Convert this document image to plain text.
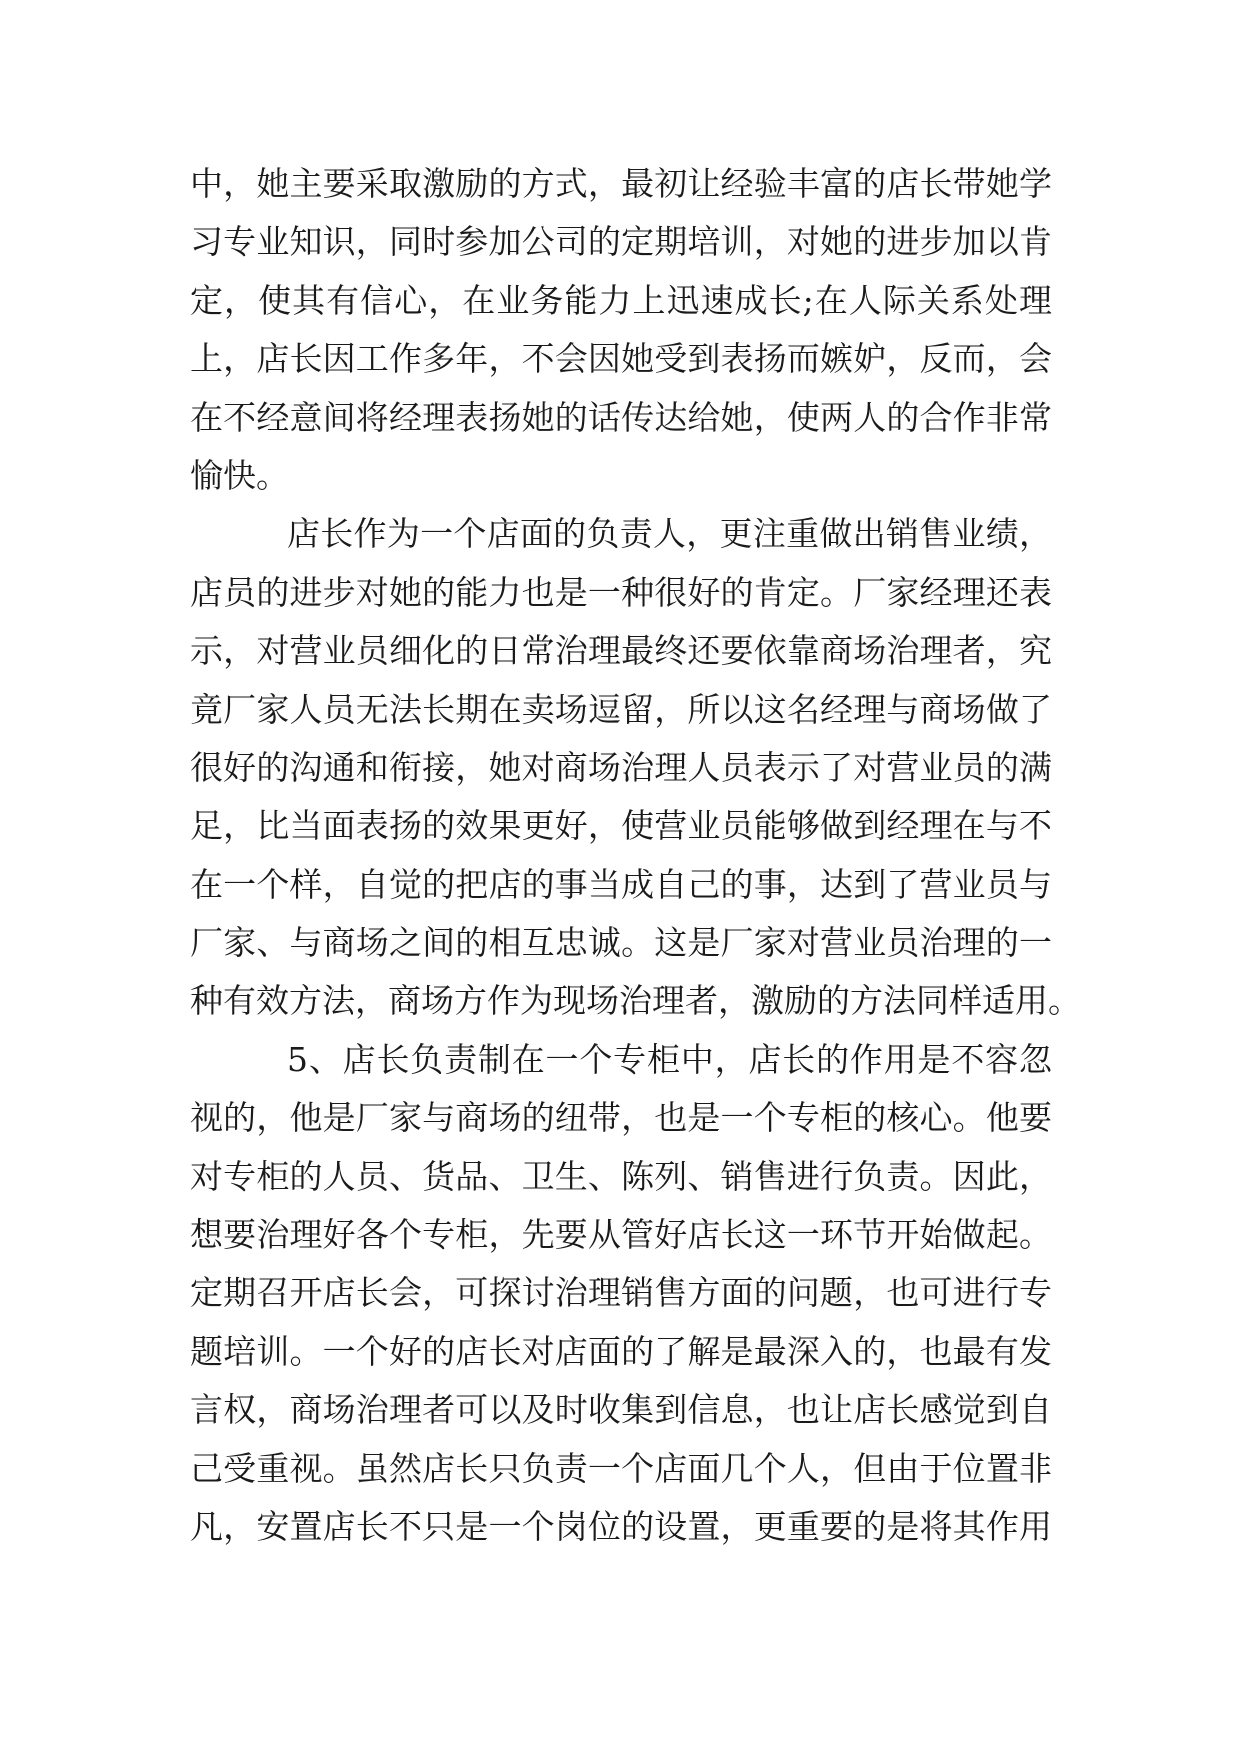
中，她主要采取激励的方式，最初让经验丰富的店长带她学
习专业知识，同时参加公司的定期培训，对她的进步加以肯
定，使其有信心，在业务能力上迅速成长;在人际关系处理
上，店长因工作多年，不会因她受到表扬而嫉妒，反而，会
在不经意间将经理表扬她的话传达给她，使两人的合作非常
愉快。
店长作为一个店面的负责人，更注重做出销售业绩，
店员的进步对她的能力也是一种很好的肯定。厂家经理还表
示，对营业员细化的日常治理最终还要依靠商场治理者，究
竟厂家人员无法长期在卖场逗留，所以这名经理与商场做了
很好的沟通和衔接，她对商场治理人员表示了对营业员的满
足，比当面表扬的效果更好，使营业员能够做到经理在与不
在一个样，自觉的把店的事当成自己的事，达到了营业员与
厂家、与商场之间的相互忠诚。这是厂家对营业员治理的一
种有效方法，商场方作为现场治理者，激励的方法同样适用。
5、店长负责制在一个专柜中，店长的作用是不容忽
视的，他是厂家与商场的纽带，也是一个专柜的核心。他要
对专柜的人员、货品、卫生、陈列、销售进行负责。因此，
想要治理好各个专柜，先要从管好店长这一环节开始做起。
定期召开店长会，可探讨治理销售方面的问题，也可进行专
题培训。一个好的店长对店面的了解是最深入的，也最有发
言权，商场治理者可以及时收集到信息，也让店长感觉到自
己受重视。虽然店长只负责一个店面几个人，但由于位置非
凡，安置店长不只是一个岗位的设置，更重要的是将其作用
